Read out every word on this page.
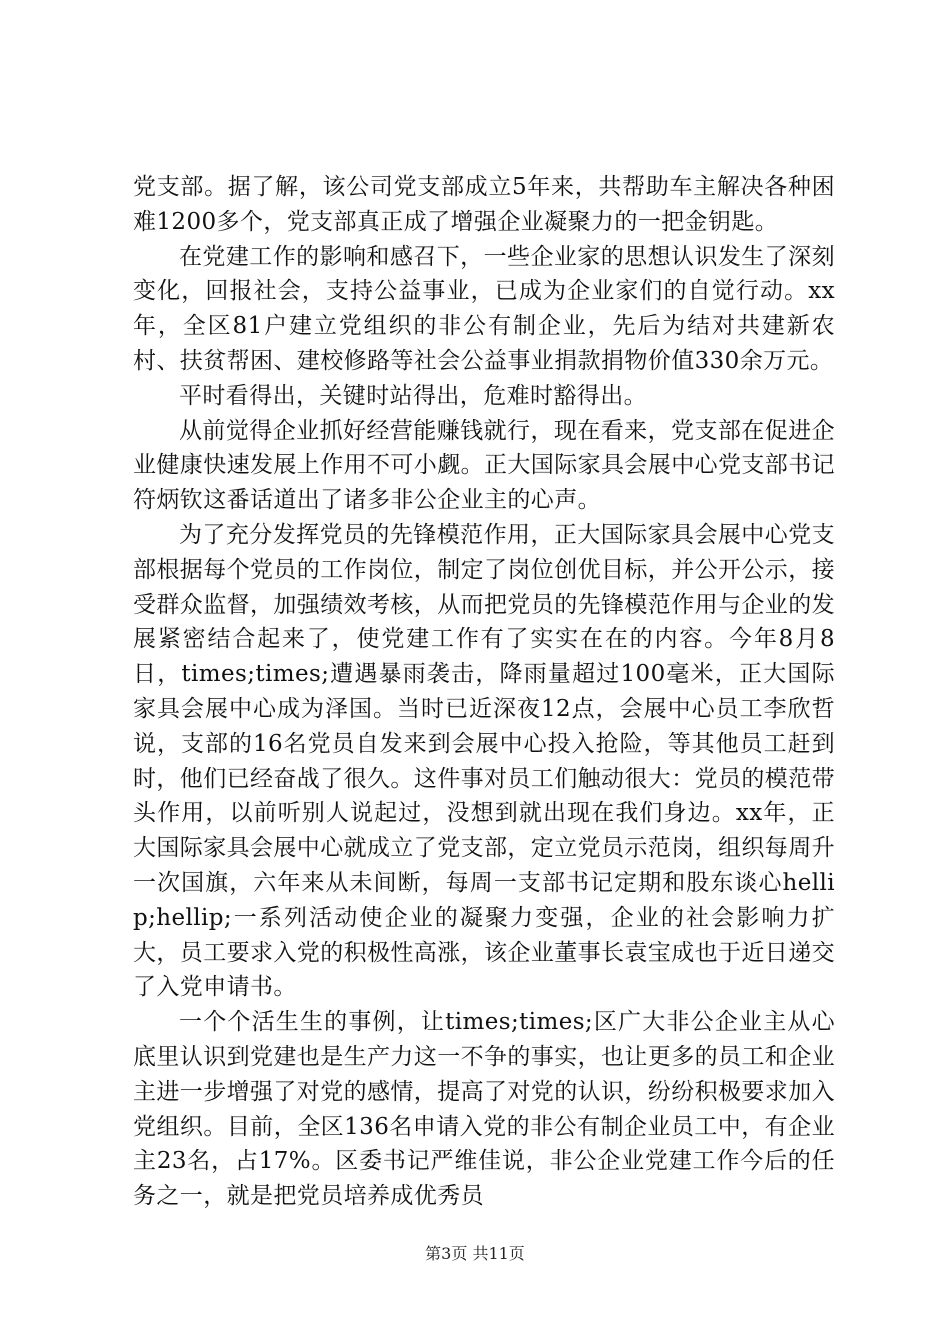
党支部。据了解，该公司党支部成立5年来，共帮助车主解决各种困难1200多个，党支部真正成了增强企业凝聚力的一把金钥匙。

在党建工作的影响和感召下，一些企业家的思想认识发生了深刻变化，回报社会，支持公益事业，已成为企业家们的自觉行动。xx年，全区81户建立党组织的非公有制企业，先后为结对共建新农村、扶贫帮困、建校修路等社会公益事业捐款捐物价值330余万元。

平时看得出，关键时站得出，危难时豁得出。

从前觉得企业抓好经营能赚钱就行，现在看来，党支部在促进企业健康快速发展上作用不可小觑。正大国际家具会展中心党支部书记符炳钦这番话道出了诸多非公企业主的心声。

为了充分发挥党员的先锋模范作用，正大国际家具会展中心党支部根据每个党员的工作岗位，制定了岗位创优目标，并公开公示，接受群众监督，加强绩效考核，从而把党员的先锋模范作用与企业的发展紧密结合起来了，使党建工作有了实实在在的内容。今年8月8日，times;times;遭遇暴雨袭击，降雨量超过100毫米，正大国际家具会展中心成为泽国。当时已近深夜12点，会展中心员工李欣哲说，支部的16名党员自发来到会展中心投入抢险，等其他员工赶到时，他们已经奋战了很久。这件事对员工们触动很大：党员的模范带头作用，以前听别人说起过，没想到就出现在我们身边。xx年，正大国际家具会展中心就成立了党支部，定立党员示范岗，组织每周升一次国旗，六年来从未间断，每周一支部书记定期和股东谈心hellip;hellip;一系列活动使企业的凝聚力变强，企业的社会影响力扩大，员工要求入党的积极性高涨，该企业董事长袁宝成也于近日递交了入党申请书。

一个个活生生的事例，让times;times;区广大非公企业主从心底里认识到党建也是生产力这一不争的事实，也让更多的员工和企业主进一步增强了对党的感情，提高了对党的认识，纷纷积极要求加入党组织。目前，全区136名申请入党的非公有制企业员工中，有企业主23名，占17%。区委书记严维佳说，非公企业党建工作今后的任务之一，就是把党员培养成优秀员

第3页 共11页
